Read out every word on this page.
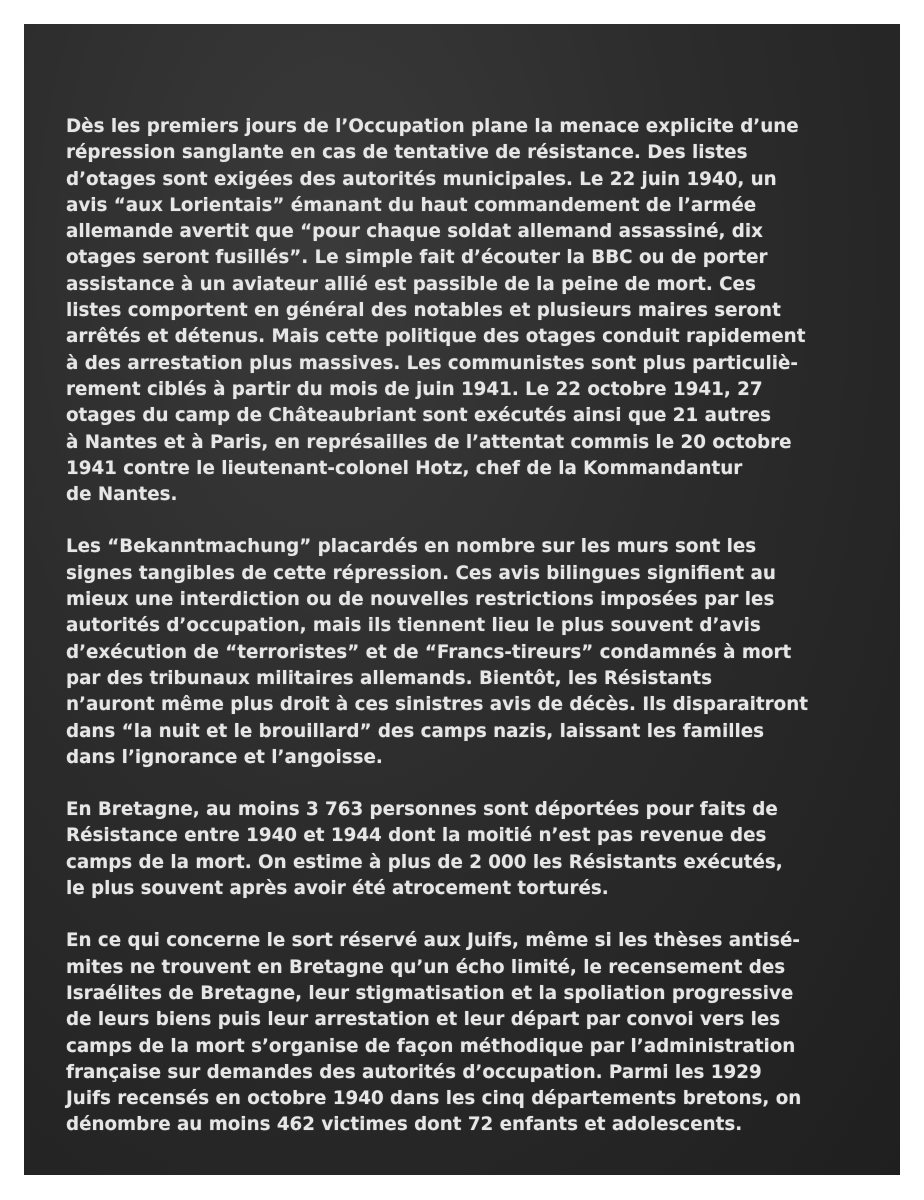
Dès les premiers jours de l’Occupation plane la menace explicite d’une
répression sanglante en cas de tentative de résistance. Des listes
d’otages sont exigées des autorités municipales. Le 22 juin 1940, un
avis “aux Lorientais” émanant du haut commandement de l’armée
allemande avertit que “pour chaque soldat allemand assassiné, dix
otages seront fusillés”. Le simple fait d’écouter la BBC ou de porter
assistance à un aviateur allié est passible de la peine de mort. Ces
listes comportent en général des notables et plusieurs maires seront
arrêtés et détenus. Mais cette politique des otages conduit rapidement
à des arrestation plus massives. Les communistes sont plus particuliè-
rement ciblés à partir du mois de juin 1941. Le 22 octobre 1941, 27
otages du camp de Châteaubriant sont exécutés ainsi que 21 autres
à Nantes et à Paris, en représailles de l’attentat commis le 20 octobre
1941 contre le lieutenant-colonel Hotz, chef de la Kommandantur
de Nantes.

Les “Bekanntmachung” placardés en nombre sur les murs sont les
signes tangibles de cette répression. Ces avis bilingues signifient au
mieux une interdiction ou de nouvelles restrictions imposées par les
autorités d’occupation, mais ils tiennent lieu le plus souvent d’avis
d’exécution de “terroristes” et de “Francs-tireurs” condamnés à mort
par des tribunaux militaires allemands. Bientôt, les Résistants
n’auront même plus droit à ces sinistres avis de décès. Ils disparaitront
dans “la nuit et le brouillard” des camps nazis, laissant les familles
dans l’ignorance et l’angoisse.

En Bretagne, au moins 3 763 personnes sont déportées pour faits de
Résistance entre 1940 et 1944 dont la moitié n’est pas revenue des
camps de la mort. On estime à plus de 2 000 les Résistants exécutés,
le plus souvent après avoir été atrocement torturés.

En ce qui concerne le sort réservé aux Juifs, même si les thèses antisé-
mites ne trouvent en Bretagne qu’un écho limité, le recensement des
Israélites de Bretagne, leur stigmatisation et la spoliation progressive
de leurs biens puis leur arrestation et leur départ par convoi vers les
camps de la mort s’organise de façon méthodique par l’administration
française sur demandes des autorités d’occupation. Parmi les 1929
Juifs recensés en octobre 1940 dans les cinq départements bretons, on
dénombre au moins 462 victimes dont 72 enfants et adolescents.
